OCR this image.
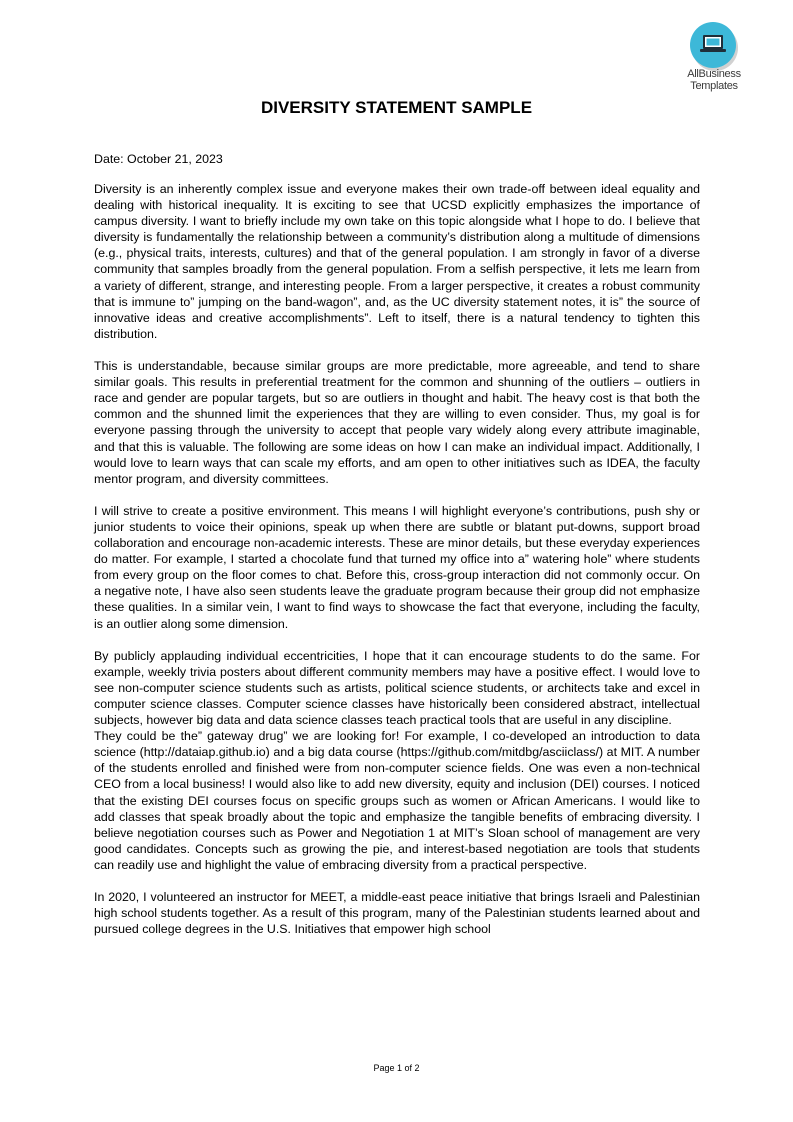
AllBusiness
Templates
DIVERSITY STATEMENT SAMPLE
Date: October 21, 2023

Diversity is an inherently complex issue and everyone makes their own trade-off between ideal equality and dealing with historical inequality. It is exciting to see that UCSD explicitly emphasizes the importance of campus diversity. I want to briefly include my own take on this topic alongside what I hope to do. I believe that diversity is fundamentally the relationship between a community’s distribution along a multitude of dimensions (e.g., physical traits, interests, cultures) and that of the general population. I am strongly in favor of a diverse community that samples broadly from the general population. From a selfish perspective, it lets me learn from a variety of different, strange, and interesting people. From a larger perspective, it creates a robust community that is immune to” jumping on the band-wagon”, and, as the UC diversity statement notes, it is” the source of innovative ideas and creative accomplishments”. Left to itself, there is a natural tendency to tighten this distribution.

This is understandable, because similar groups are more predictable, more agreeable, and tend to share similar goals. This results in preferential treatment for the common and shunning of the outliers – outliers in race and gender are popular targets, but so are outliers in thought and habit. The heavy cost is that both the common and the shunned limit the experiences that they are willing to even consider. Thus, my goal is for everyone passing through the university to accept that people vary widely along every attribute imaginable, and that this is valuable. The following are some ideas on how I can make an individual impact. Additionally, I would love to learn ways that can scale my efforts, and am open to other initiatives such as IDEA, the faculty mentor program, and diversity committees.

I will strive to create a positive environment. This means I will highlight everyone’s contributions, push shy or junior students to voice their opinions, speak up when there are subtle or blatant put-downs, support broad collaboration and encourage non-academic interests. These are minor details, but these everyday experiences do matter. For example, I started a chocolate fund that turned my office into a” watering hole” where students from every group on the floor comes to chat. Before this, cross-group interaction did not commonly occur. On a negative note, I have also seen students leave the graduate program because their group did not emphasize these qualities. In a similar vein, I want to find ways to showcase the fact that everyone, including the faculty, is an outlier along some dimension.

By publicly applauding individual eccentricities, I hope that it can encourage students to do the same. For example, weekly trivia posters about different community members may have a positive effect. I would love to see non-computer science students such as artists, political science students, or architects take and excel in computer science classes. Computer science classes have historically been considered abstract, intellectual subjects, however big data and data science classes teach practical tools that are useful in any discipline.

They could be the” gateway drug” we are looking for! For example, I co-developed an introduction to data science (http://dataiap.github.io) and a big data course (https://github.com/mitdbg/asciiclass/) at MIT. A number of the students enrolled and finished were from non-computer science fields. One was even a non-technical CEO from a local business! I would also like to add new diversity, equity and inclusion (DEI) courses. I noticed that the existing DEI courses focus on specific groups such as women or African Americans. I would like to add classes that speak broadly about the topic and emphasize the tangible benefits of embracing diversity. I believe negotiation courses such as Power and Negotiation 1 at MIT’s Sloan school of management are very good candidates. Concepts such as growing the pie, and interest-based negotiation are tools that students can readily use and highlight the value of embracing diversity from a practical perspective.

In 2020, I volunteered an instructor for MEET, a middle-east peace initiative that brings Israeli and Palestinian high school students together. As a result of this program, many of the Palestinian students learned about and pursued college degrees in the U.S. Initiatives that empower high school

Page 1 of 2
